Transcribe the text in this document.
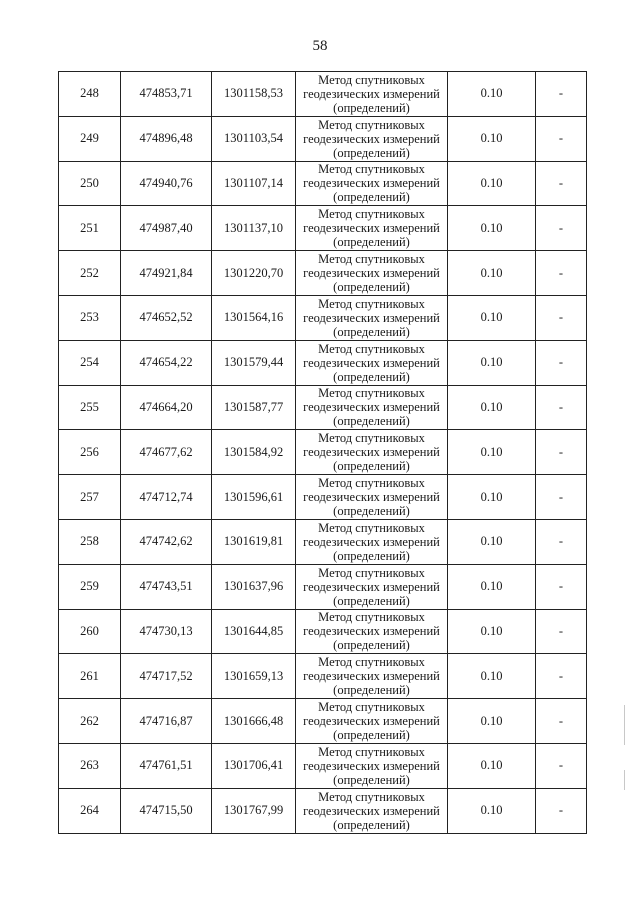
58
248	474853,71	1301158,53	Метод спутниковых
геодезических измерений
(определений)	0.10	-
249	474896,48	1301103,54	Метод спутниковых
геодезических измерений
(определений)	0.10	-
250	474940,76	1301107,14	Метод спутниковых
геодезических измерений
(определений)	0.10	-
251	474987,40	1301137,10	Метод спутниковых
геодезических измерений
(определений)	0.10	-
252	474921,84	1301220,70	Метод спутниковых
геодезических измерений
(определений)	0.10	-
253	474652,52	1301564,16	Метод спутниковых
геодезических измерений
(определений)	0.10	-
254	474654,22	1301579,44	Метод спутниковых
геодезических измерений
(определений)	0.10	-
255	474664,20	1301587,77	Метод спутниковых
геодезических измерений
(определений)	0.10	-
256	474677,62	1301584,92	Метод спутниковых
геодезических измерений
(определений)	0.10	-
257	474712,74	1301596,61	Метод спутниковых
геодезических измерений
(определений)	0.10	-
258	474742,62	1301619,81	Метод спутниковых
геодезических измерений
(определений)	0.10	-
259	474743,51	1301637,96	Метод спутниковых
геодезических измерений
(определений)	0.10	-
260	474730,13	1301644,85	Метод спутниковых
геодезических измерений
(определений)	0.10	-
261	474717,52	1301659,13	Метод спутниковых
геодезических измерений
(определений)	0.10	-
262	474716,87	1301666,48	Метод спутниковых
геодезических измерений
(определений)	0.10	-
263	474761,51	1301706,41	Метод спутниковых
геодезических измерений
(определений)	0.10	-
264	474715,50	1301767,99	Метод спутниковых
геодезических измерений
(определений)	0.10	-
